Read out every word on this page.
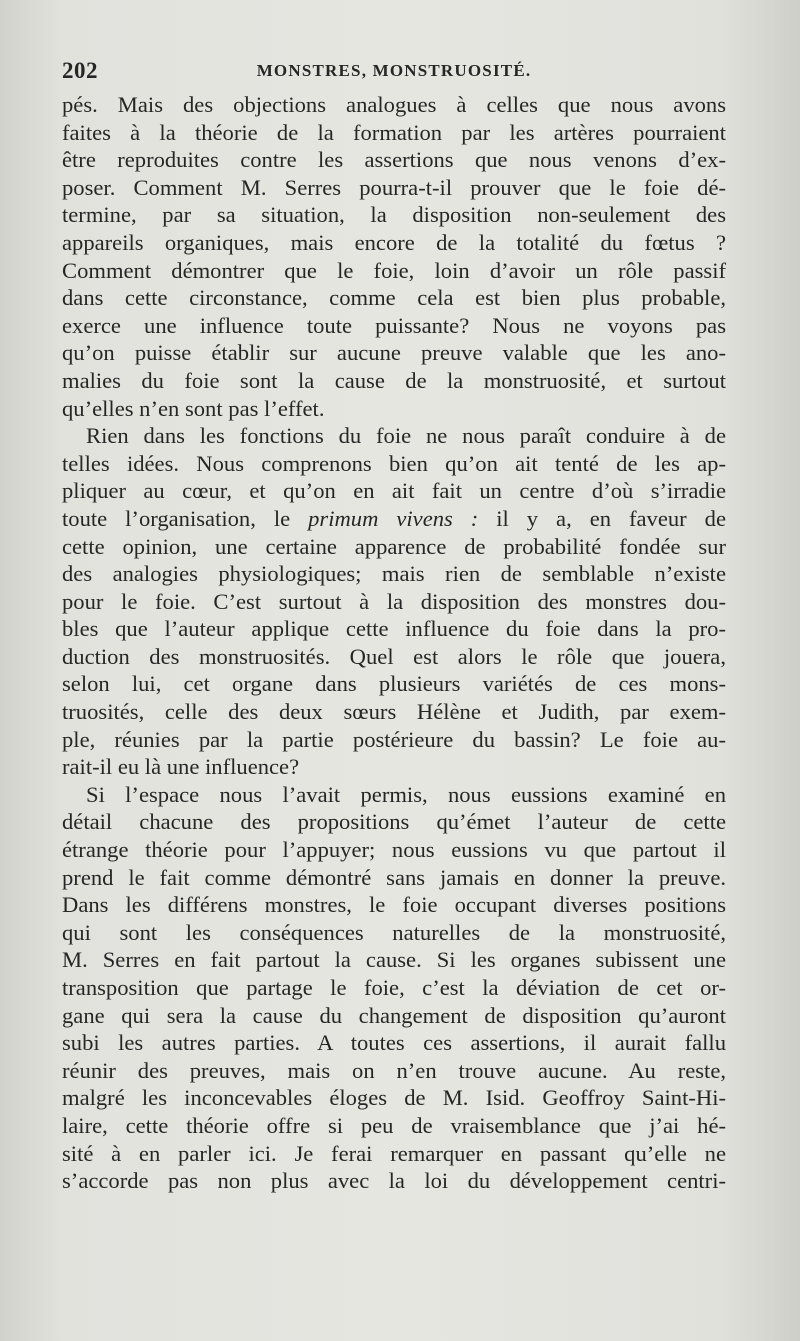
202	MONSTRES, MONSTRUOSITÉ.
pés. Mais des objections analogues à celles que nous avons
faites à la théorie de la formation par les artères pourraient
être reproduites contre les assertions que nous venons d’ex-
poser. Comment M. Serres pourra-t-il prouver que le foie dé-
termine, par sa situation, la disposition non-seulement des
appareils organiques, mais encore de la totalité du fœtus ?
Comment démontrer que le foie, loin d’avoir un rôle passif
dans cette circonstance, comme cela est bien plus probable,
exerce une influence toute puissante? Nous ne voyons pas
qu’on puisse établir sur aucune preuve valable que les ano-
malies du foie sont la cause de la monstruosité, et surtout
qu’elles n’en sont pas l’effet.
Rien dans les fonctions du foie ne nous paraît conduire à de
telles idées. Nous comprenons bien qu’on ait tenté de les ap-
pliquer au cœur, et qu’on en ait fait un centre d’où s’irradie
toute l’organisation, le primum vivens : il y a, en faveur de
cette opinion, une certaine apparence de probabilité fondée sur
des analogies physiologiques; mais rien de semblable n’existe
pour le foie. C’est surtout à la disposition des monstres dou-
bles que l’auteur applique cette influence du foie dans la pro-
duction des monstruosités. Quel est alors le rôle que jouera,
selon lui, cet organe dans plusieurs variétés de ces mons-
truosités, celle des deux sœurs Hélène et Judith, par exem-
ple, réunies par la partie postérieure du bassin? Le foie au-
rait-il eu là une influence?
Si l’espace nous l’avait permis, nous eussions examiné en
détail chacune des propositions qu’émet l’auteur de cette
étrange théorie pour l’appuyer; nous eussions vu que partout il
prend le fait comme démontré sans jamais en donner la preuve.
Dans les différens monstres, le foie occupant diverses positions
qui sont les conséquences naturelles de la monstruosité,
M. Serres en fait partout la cause. Si les organes subissent une
transposition que partage le foie, c’est la déviation de cet or-
gane qui sera la cause du changement de disposition qu’auront
subi les autres parties. A toutes ces assertions, il aurait fallu
réunir des preuves, mais on n’en trouve aucune. Au reste,
malgré les inconcevables éloges de M. Isid. Geoffroy Saint-Hi-
laire, cette théorie offre si peu de vraisemblance que j’ai hé-
sité à en parler ici. Je ferai remarquer en passant qu’elle ne
s’accorde pas non plus avec la loi du développement centri-
